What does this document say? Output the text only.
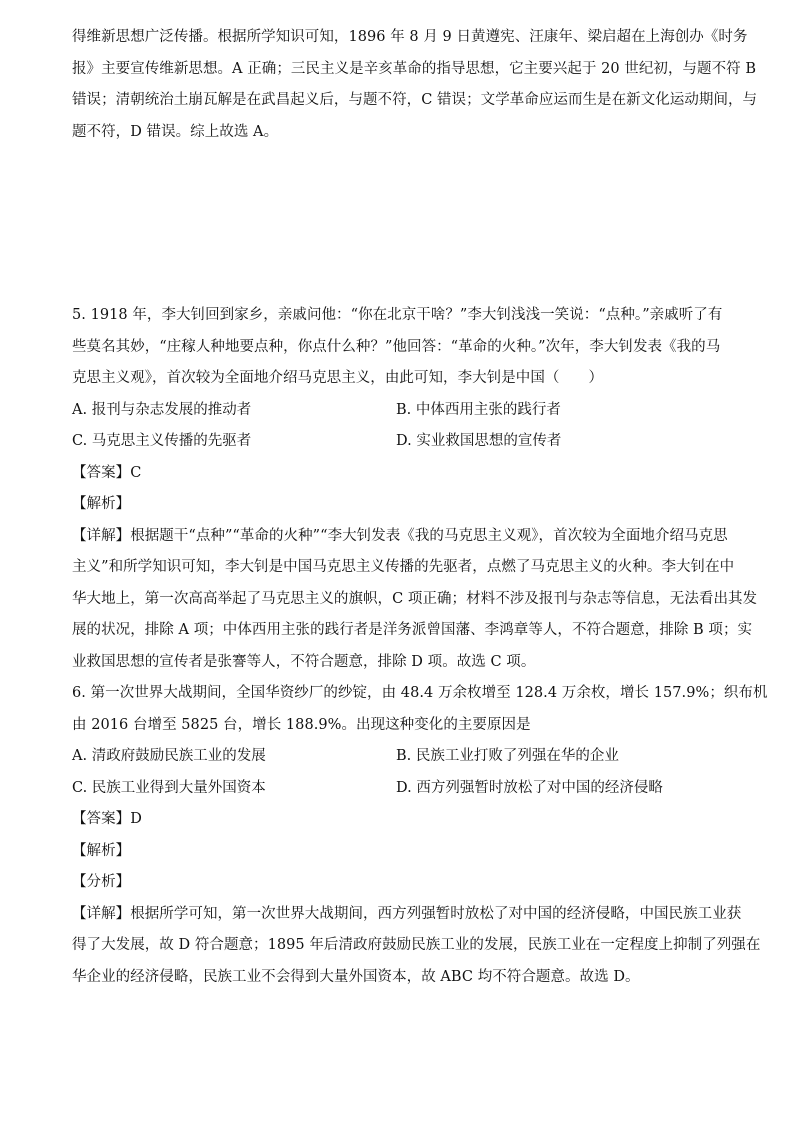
得维新思想广泛传播。根据所学知识可知，1896 年 8 月 9 日黄遵宪、汪康年、梁启超在上海创办《时务
报》主要宣传维新思想。A 正确；三民主义是辛亥革命的指导思想，它主要兴起于 20 世纪初，与题不符 B
错误；清朝统治土崩瓦解是在武昌起义后，与题不符，C 错误；文学革命应运而生是在新文化运动期间，与
题不符，D 错误。综上故选 A。
5. 1918 年，李大钊回到家乡，亲戚问他：“你在北京干啥？”李大钊浅浅一笑说：“点种。”亲戚听了有
些莫名其妙，“庄稼人种地要点种，你点什么种？”他回答：“革命的火种。”次年，李大钊发表《我的马
克思主义观》，首次较为全面地介绍马克思主义，由此可知，李大钊是中国（　　）
A. 报刊与杂志发展的推动者	B. 中体西用主张的践行者
C. 马克思主义传播的先驱者	D. 实业救国思想的宣传者
【答案】C
【解析】
【详解】根据题干“点种”“革命的火种”“李大钊发表《我的马克思主义观》，首次较为全面地介绍马克思
主义”和所学知识可知，李大钊是中国马克思主义传播的先驱者，点燃了马克思主义的火种。李大钊在中
华大地上，第一次高高举起了马克思主义的旗帜，C 项正确；材料不涉及报刊与杂志等信息，无法看出其发
展的状况，排除 A 项；中体西用主张的践行者是洋务派曾国藩、李鸿章等人，不符合题意，排除 B 项；实
业救国思想的宣传者是张謇等人，不符合题意，排除 D 项。故选 C 项。
6. 第一次世界大战期间，全国华资纱厂的纱锭，由 48.4 万余枚增至 128.4 万余枚，增长 157.9%；织布机
由 2016 台增至 5825 台，增长 188.9%。出现这种变化的主要原因是
A. 清政府鼓励民族工业的发展	B. 民族工业打败了列强在华的企业
C. 民族工业得到大量外国资本	D. 西方列强暂时放松了对中国的经济侵略
【答案】D
【解析】
【分析】
【详解】根据所学可知，第一次世界大战期间，西方列强暂时放松了对中国的经济侵略，中国民族工业获
得了大发展，故 D 符合题意；1895 年后清政府鼓励民族工业的发展，民族工业在一定程度上抑制了列强在
华企业的经济侵略，民族工业不会得到大量外国资本，故 ABC 均不符合题意。故选 D。
